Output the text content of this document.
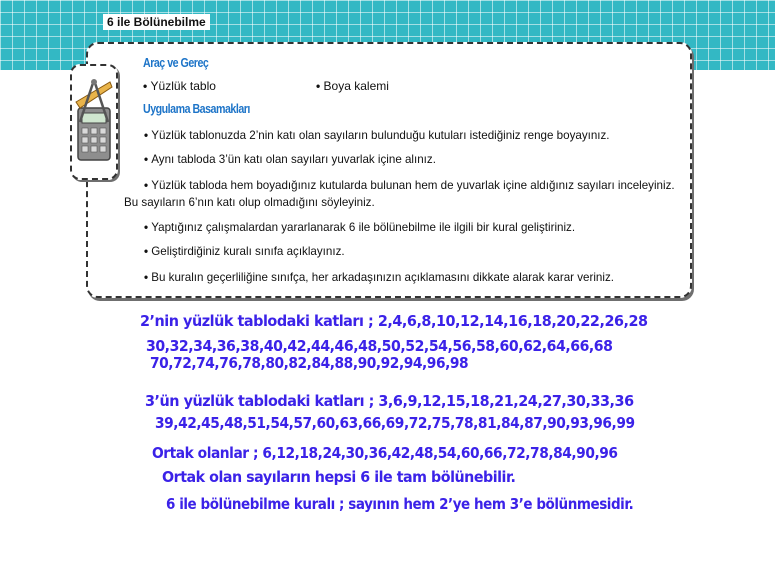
6 ile Bölünebilme
Araç ve Gereç
• Yüzlük tablo	• Boya kalemi
Uygulama Basamakları

• Yüzlük tablonuzda 2’nin katı olan sayıların bulunduğu kutuları istediğiniz renge boyayınız.

• Aynı tabloda 3’ün katı olan sayıları yuvarlak içine alınız.

• Yüzlük tabloda hem boyadığınız kutularda bulunan hem de yuvarlak içine aldığınız sayıları inceleyiniz. Bu sayıların 6’nın katı olup olmadığını söyleyiniz.

• Yaptığınız çalışmalardan yararlanarak 6 ile bölünebilme ile ilgili bir kural geliştiriniz.

• Geliştirdiğiniz kuralı sınıfa açıklayınız.

• Bu kuralın geçerliliğine sınıfça, her arkadaşınızın açıklamasını dikkate alarak karar veriniz.

2’nin yüzlük tablodaki katları ; 2,4,6,8,10,12,14,16,18,20,22,26,28
30,32,34,36,38,40,42,44,46,48,50,52,54,56,58,60,62,64,66,68
70,72,74,76,78,80,82,84,88,90,92,94,96,98
3’ün yüzlük tablodaki katları ; 3,6,9,12,15,18,21,24,27,30,33,36
39,42,45,48,51,54,57,60,63,66,69,72,75,78,81,84,87,90,93,96,99
Ortak olanlar ; 6,12,18,24,30,36,42,48,54,60,66,72,78,84,90,96
Ortak olan sayıların hepsi 6 ile tam bölünebilir.
6 ile bölünebilme kuralı ; sayının hem 2’ye hem 3’e bölünmesidir.
